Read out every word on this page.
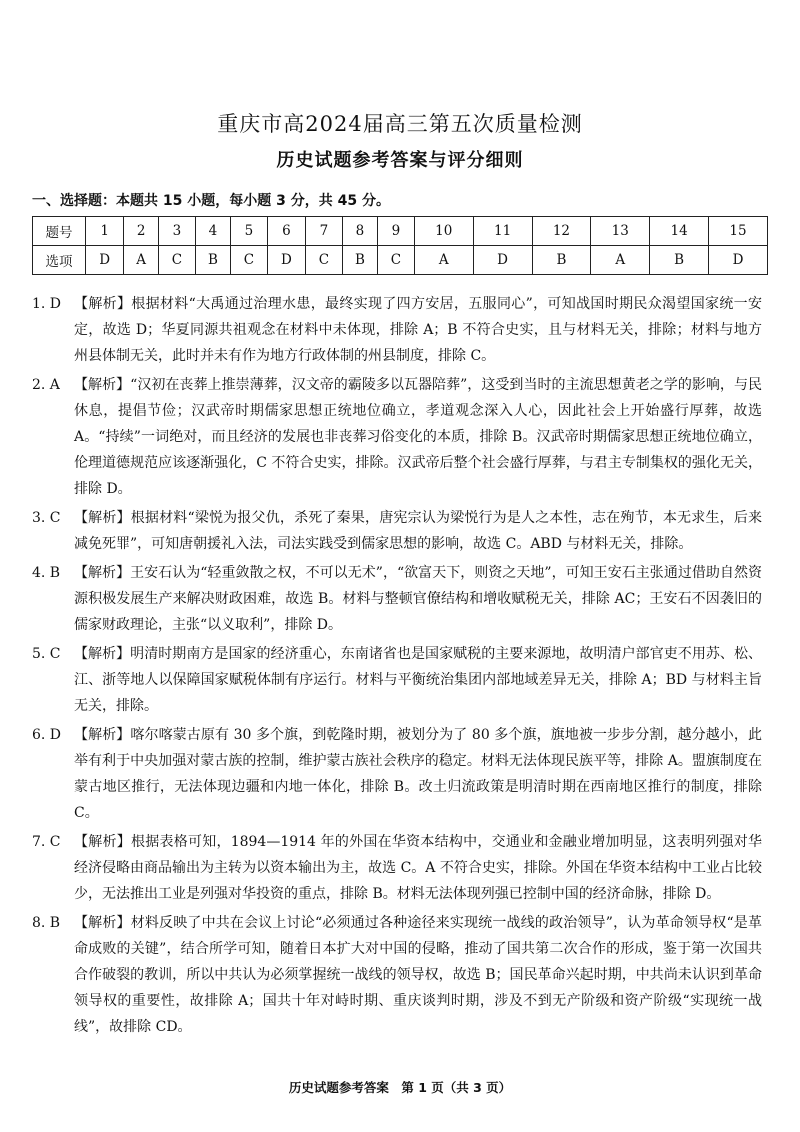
重庆市高2024届高三第五次质量检测
历史试题参考答案与评分细则
一、选择题：本题共 15 小题，每小题 3 分，共 45 分。
题号	1	2	3	4	5	6	7	8	9	10	11	12	13	14	15
选项	D	A	C	B	C	D	C	B	C	A	D	B	A	B	D
1. D 【解析】根据材料“大禹通过治理水患，最终实现了四方安居，五服同心”，可知战国时期民众渴望国家统一安定，故选 D；华夏同源共祖观念在材料中未体现，排除 A；B 不符合史实，且与材料无关，排除；材料与地方州县体制无关，此时并未有作为地方行政体制的州县制度，排除 C。
2. A	【解析】“汉初在丧葬上推崇薄葬，汉文帝的霸陵多以瓦器陪葬”，这受到当时的主流思想黄老之学的影响，与民休息，提倡节俭；汉武帝时期儒家思想正统地位确立，孝道观念深入人心，因此社会上开始盛行厚葬，故选 A。“持续”一词绝对，而且经济的发展也非丧葬习俗变化的本质，排除 B。汉武帝时期儒家思想正统地位确立，伦理道德规范应该逐渐强化，C 不符合史实，排除。汉武帝后整个社会盛行厚葬，与君主专制集权的强化无关，排除 D。
3. C 【解析】根据材料“梁悦为报父仇，杀死了秦果，唐宪宗认为梁悦行为是人之本性，志在殉节，本无求生，后来减免死罪”，可知唐朝援礼入法，司法实践受到儒家思想的影响，故选 C。ABD 与材料无关，排除。
4. B 【解析】王安石认为“轻重敛散之权，不可以无术”，“欲富天下，则资之天地”，可知王安石主张通过借助自然资源积极发展生产来解决财政困难，故选 B。材料与整顿官僚结构和增收赋税无关，排除 AC；王安石不因袭旧的儒家财政理论，主张“以义取利”，排除 D。
5. C 【解析】明清时期南方是国家的经济重心，东南诸省也是国家赋税的主要来源地，故明清户部官吏不用苏、松、江、浙等地人以保障国家赋税体制有序运行。材料与平衡统治集团内部地域差异无关，排除 A；BD 与材料主旨无关，排除。
6. D 【解析】喀尔喀蒙古原有 30 多个旗，到乾隆时期，被划分为了 80 多个旗，旗地被一步步分割，越分越小，此举有利于中央加强对蒙古族的控制，维护蒙古族社会秩序的稳定。材料无法体现民族平等，排除 A。盟旗制度在蒙古地区推行，无法体现边疆和内地一体化，排除 B。改土归流政策是明清时期在西南地区推行的制度，排除 C。
7. C 【解析】根据表格可知，1894—1914 年的外国在华资本结构中，交通业和金融业增加明显，这表明列强对华经济侵略由商品输出为主转为以资本输出为主，故选 C。A 不符合史实，排除。外国在华资本结构中工业占比较少，无法推出工业是列强对华投资的重点，排除 B。材料无法体现列强已控制中国的经济命脉，排除 D。
8. B 【解析】材料反映了中共在会议上讨论“必须通过各种途径来实现统一战线的政治领导”，认为革命领导权“是革命成败的关键”，结合所学可知，随着日本扩大对中国的侵略，推动了国共第二次合作的形成，鉴于第一次国共合作破裂的教训，所以中共认为必须掌握统一战线的领导权，故选 B；国民革命兴起时期，中共尚未认识到革命领导权的重要性，故排除 A；国共十年对峙时期、重庆谈判时期，涉及不到无产阶级和资产阶级“实现统一战线”，故排除 CD。
历史试题参考答案　第 1 页（共 3 页）
